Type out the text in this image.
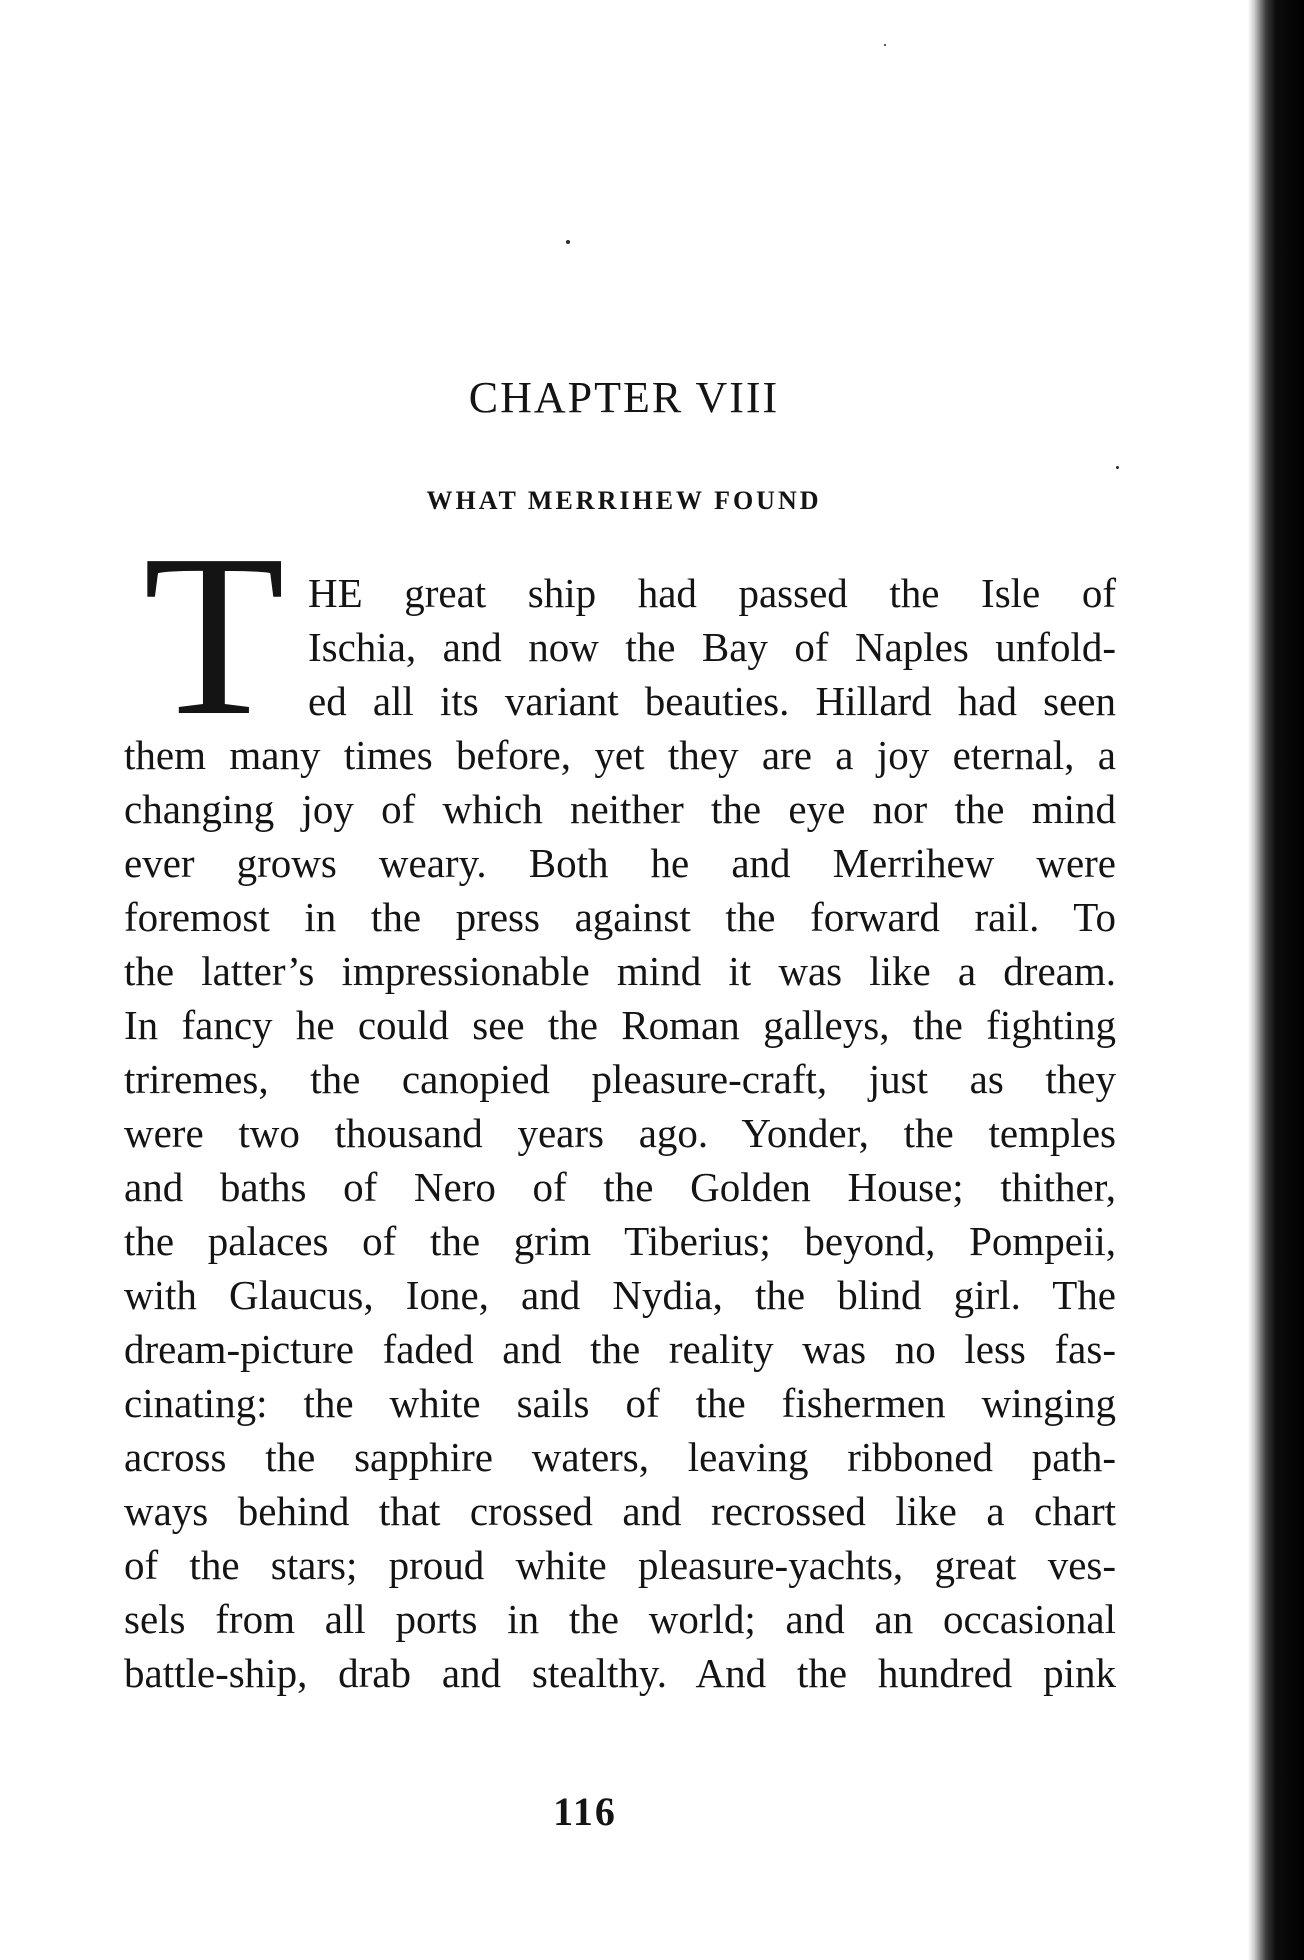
CHAPTER VIII
WHAT MERRIHEW FOUND
T HE great ship had passed the Isle of
Ischia, and now the Bay of Naples unfold-
ed all its variant beauties. Hillard had seen
them many times before, yet they are a joy eternal, a
changing joy of which neither the eye nor the mind
ever grows weary. Both he and Merrihew were
foremost in the press against the forward rail. To
the latter’s impressionable mind it was like a dream.
In fancy he could see the Roman galleys, the fighting
triremes, the canopied pleasure-craft, just as they
were two thousand years ago. Yonder, the temples
and baths of Nero of the Golden House; thither,
the palaces of the grim Tiberius; beyond, Pompeii,
with Glaucus, Ione, and Nydia, the blind girl. The
dream-picture faded and the reality was no less fas-
cinating: the white sails of the fishermen winging
across the sapphire waters, leaving ribboned path-
ways behind that crossed and recrossed like a chart
of the stars; proud white pleasure-yachts, great ves-
sels from all ports in the world; and an occasional
battle-ship, drab and stealthy. And the hundred pink
116
